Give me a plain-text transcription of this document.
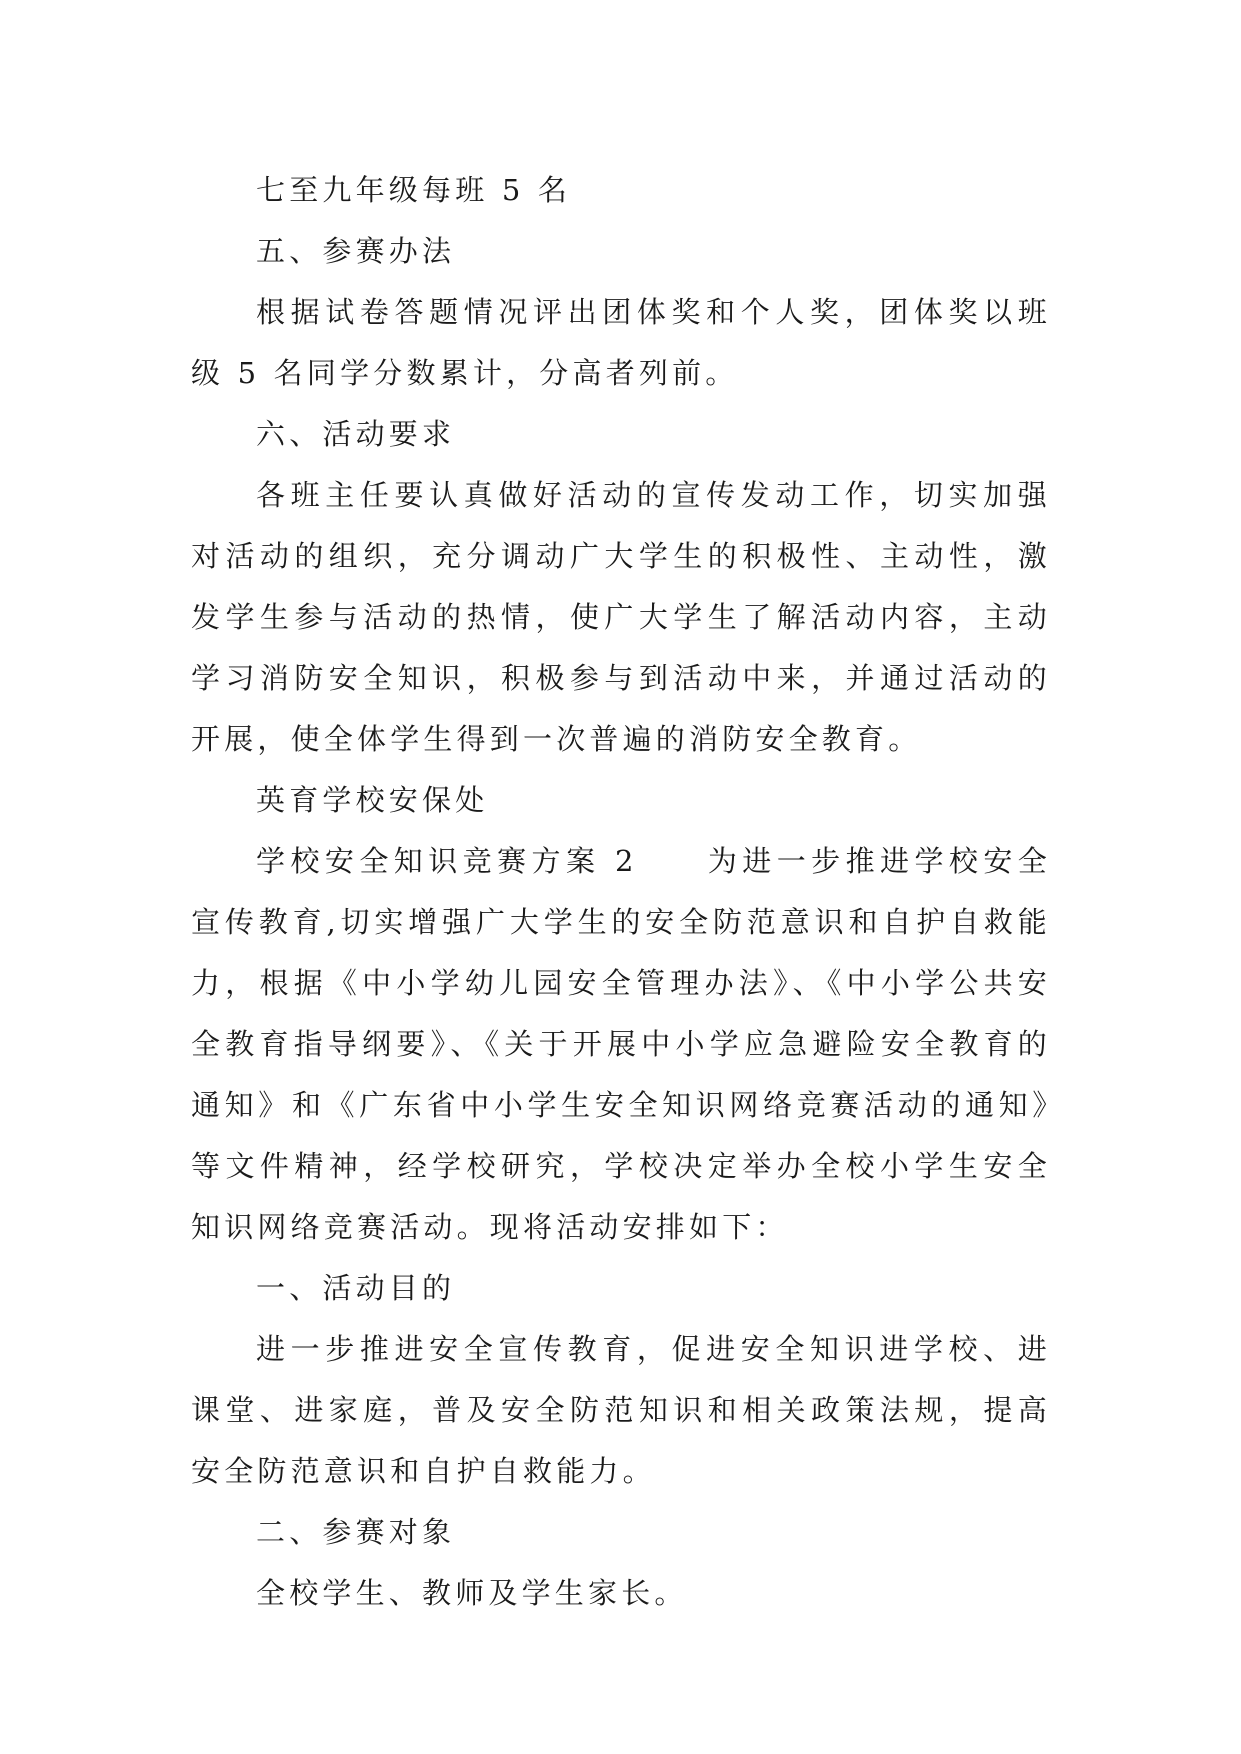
七至九年级每班 5 名

五、参赛办法

根据试卷答题情况评出团体奖和个人奖，团体奖以班级 5 名同学分数累计，分高者列前。

六、活动要求

各班主任要认真做好活动的宣传发动工作，切实加强对活动的组织，充分调动广大学生的积极性、主动性，激发学生参与活动的热情，使广大学生了解活动内容，主动学习消防安全知识，积极参与到活动中来，并通过活动的开展，使全体学生得到一次普遍的消防安全教育。

英育学校安保处

学校安全知识竞赛方案 2　　为进一步推进学校安全宣传教育,切实增强广大学生的安全防范意识和自护自救能力，根据《中小学幼儿园安全管理办法》、《中小学公共安全教育指导纲要》、《关于开展中小学应急避险安全教育的通知》和《广东省中小学生安全知识网络竞赛活动的通知》等文件精神，经学校研究，学校决定举办全校小学生安全知识网络竞赛活动。现将活动安排如下：

一、活动目的

进一步推进安全宣传教育，促进安全知识进学校、进课堂、进家庭，普及安全防范知识和相关政策法规，提高安全防范意识和自护自救能力。

二、参赛对象

全校学生、教师及学生家长。
